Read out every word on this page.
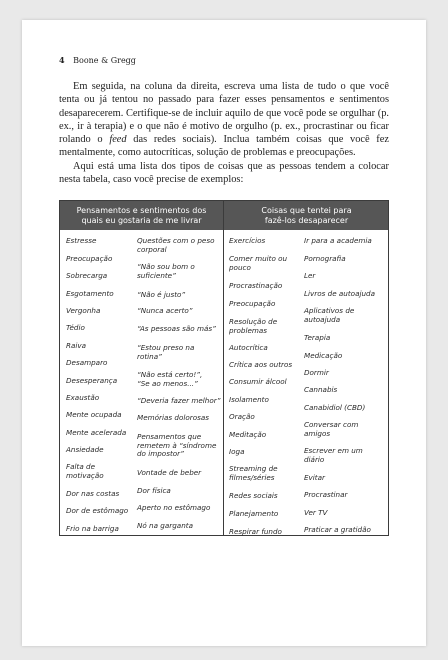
4 Boone & Gregg

Em seguida, na coluna da direita, escreva uma lista de tudo o que você tenta ou já tentou no passado para fazer esses pensamentos e sentimentos desaparecerem. Certifique-se de incluir aquilo de que você pode se orgulhar (p. ex., ir à terapia) e o que não é motivo de orgulho (p. ex., procrastinar ou ficar rolando o feed das redes sociais). Inclua também coisas que você fez mentalmente, como autocríticas, solução de problemas e preocupações.

Aqui está uma lista dos tipos de coisas que as pessoas tendem a colocar nesta tabela, caso você precise de exemplos:

Pensamentos e sentimentos dos
quais eu gostaria de me livrar
Coisas que tentei para
fazê-los desaparecer
Estresse
Preocupação
Sobrecarga
Esgotamento
Vergonha
Tédio
Raiva
Desamparo
Desesperança
Exaustão
Mente ocupada
Mente acelerada
Ansiedade
Falta de
motivação
Dor nas costas
Dor de estômago
Frio na barriga
Questões com o peso
corporal
“Não sou bom o
suficiente”
“Não é justo”
“Nunca acerto”
“As pessoas são más”
“Estou preso na
rotina”
“Não está certo!”,
“Se ao menos...”
“Deveria fazer melhor”
Memórias dolorosas
Pensamentos que
remetem à “síndrome
do impostor”
Vontade de beber
Dor física
Aperto no estômago
Nó na garganta
Exercícios
Comer muito ou
pouco
Procrastinação
Preocupação
Resolução de
problemas
Autocrítica
Crítica aos outros
Consumir álcool
Isolamento
Oração
Meditação
Ioga
Streaming de
filmes/séries
Redes sociais
Planejamento
Respirar fundo
Ir para a academia
Pornografia
Ler
Livros de autoajuda
Aplicativos de
autoajuda
Terapia
Medicação
Dormir
Cannabis
Canabidiol (CBD)
Conversar com
amigos
Escrever em um
diário
Evitar
Procrastinar
Ver TV
Praticar a gratidão
